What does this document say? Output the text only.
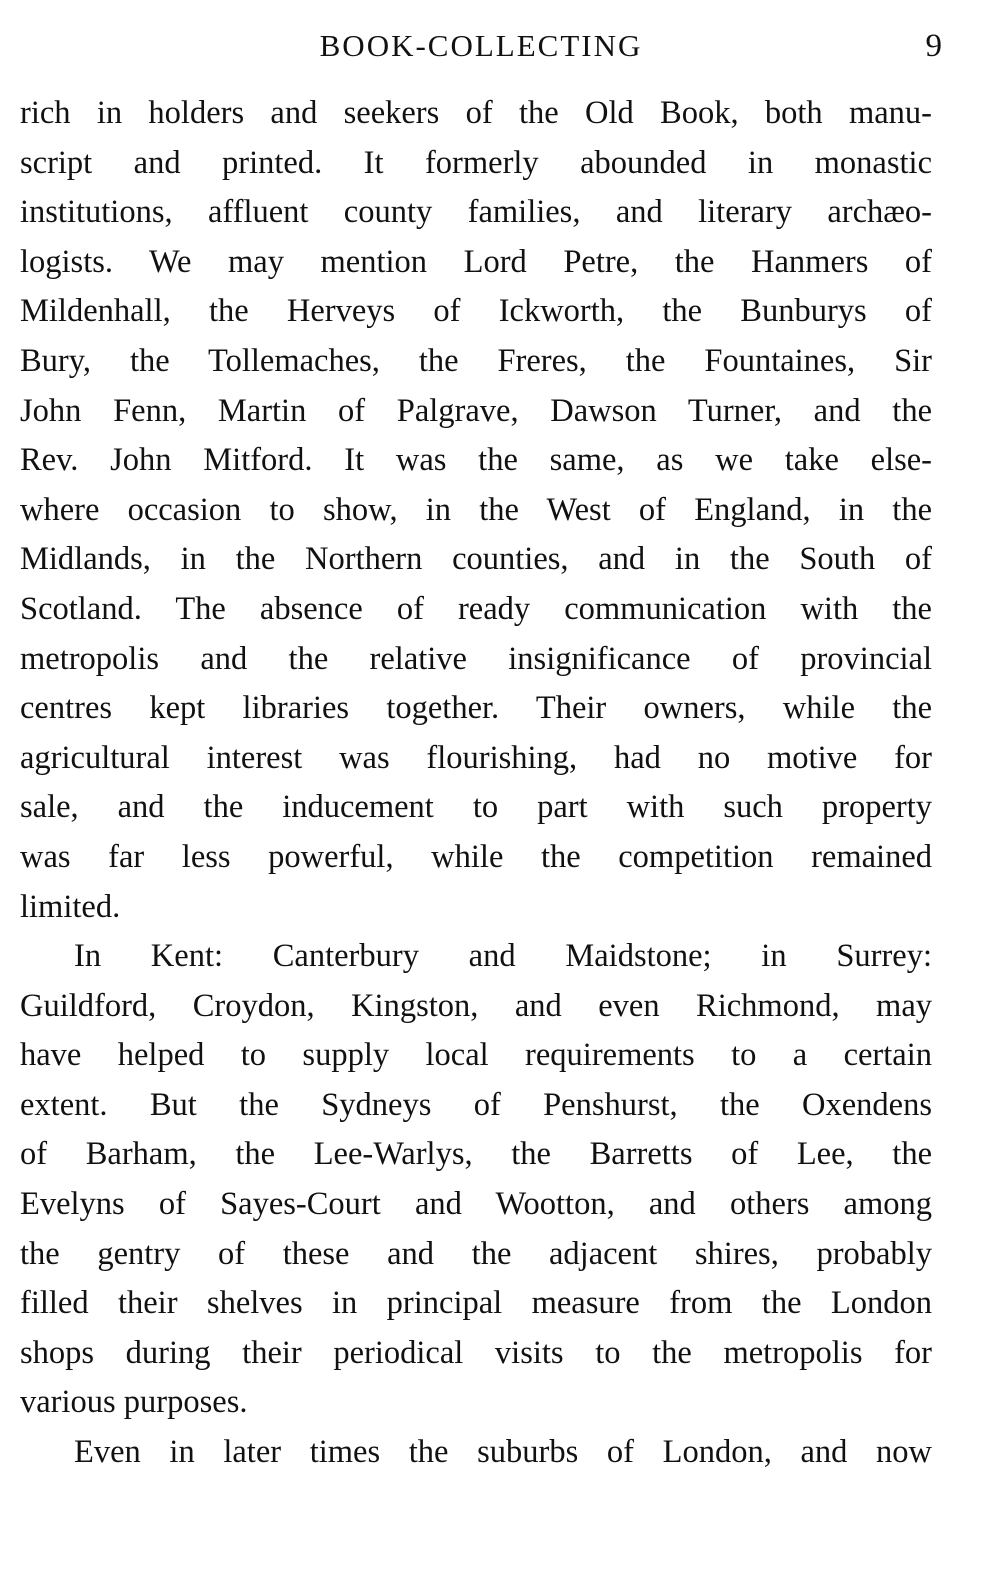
BOOK-COLLECTING	9
rich in holders and seekers of the Old Book, both manu-
script and printed. It formerly abounded in monastic
institutions, affluent county families, and literary archæo-
logists. We may mention Lord Petre, the Hanmers of
Mildenhall, the Herveys of Ickworth, the Bunburys of
Bury, the Tollemaches, the Freres, the Fountaines, Sir
John Fenn, Martin of Palgrave, Dawson Turner, and the
Rev. John Mitford. It was the same, as we take else-
where occasion to show, in the West of England, in the
Midlands, in the Northern counties, and in the South of
Scotland. The absence of ready communication with the
metropolis and the relative insignificance of provincial
centres kept libraries together. Their owners, while the
agricultural interest was flourishing, had no motive for
sale, and the inducement to part with such property
was far less powerful, while the competition remained
limited.
In Kent: Canterbury and Maidstone; in Surrey:
Guildford, Croydon, Kingston, and even Richmond, may
have helped to supply local requirements to a certain
extent. But the Sydneys of Penshurst, the Oxendens
of Barham, the Lee-Warlys, the Barretts of Lee, the
Evelyns of Sayes-Court and Wootton, and others among
the gentry of these and the adjacent shires, probably
filled their shelves in principal measure from the London
shops during their periodical visits to the metropolis for
various purposes.
Even in later times the suburbs of London, and now
